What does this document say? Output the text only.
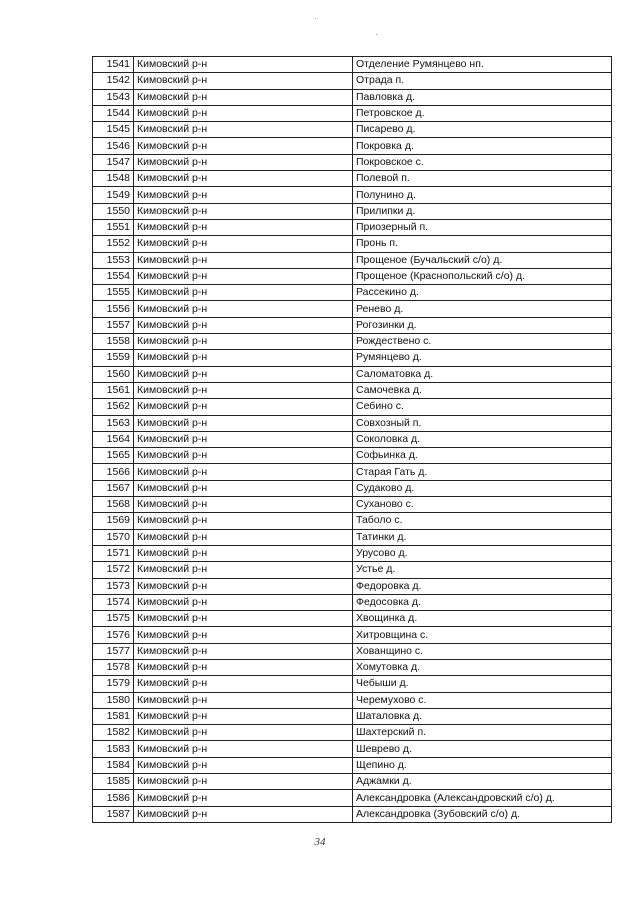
1541	Кимовский р-н	Отделение Румянцево нп.
1542	Кимовский р-н	Отрада п.
1543	Кимовский р-н	Павловка д.
1544	Кимовский р-н	Петровское д.
1545	Кимовский р-н	Писарево д.
1546	Кимовский р-н	Покровка д.
1547	Кимовский р-н	Покровское с.
1548	Кимовский р-н	Полевой п.
1549	Кимовский р-н	Полунино д.
1550	Кимовский р-н	Прилипки д.
1551	Кимовский р-н	Приозерный п.
1552	Кимовский р-н	Пронь п.
1553	Кимовский р-н	Прощеное (Бучальский с/о) д.
1554	Кимовский р-н	Прощеное (Краснопольский с/о) д.
1555	Кимовский р-н	Рассекино д.
1556	Кимовский р-н	Ренево д.
1557	Кимовский р-н	Рогозинки д.
1558	Кимовский р-н	Рождествено с.
1559	Кимовский р-н	Румянцево д.
1560	Кимовский р-н	Саломатовка д.
1561	Кимовский р-н	Самочевка д.
1562	Кимовский р-н	Себино с.
1563	Кимовский р-н	Совхозный п.
1564	Кимовский р-н	Соколовка д.
1565	Кимовский р-н	Софьинка д.
1566	Кимовский р-н	Старая Гать д.
1567	Кимовский р-н	Судаково д.
1568	Кимовский р-н	Суханово с.
1569	Кимовский р-н	Таболо с.
1570	Кимовский р-н	Татинки д.
1571	Кимовский р-н	Урусово д.
1572	Кимовский р-н	Устье д.
1573	Кимовский р-н	Федоровка д.
1574	Кимовский р-н	Федосовка д.
1575	Кимовский р-н	Хвощинка д.
1576	Кимовский р-н	Хитровщина с.
1577	Кимовский р-н	Хованщино с.
1578	Кимовский р-н	Хомутовка д.
1579	Кимовский р-н	Чебыши д.
1580	Кимовский р-н	Черемухово с.
1581	Кимовский р-н	Шаталовка д.
1582	Кимовский р-н	Шахтерский п.
1583	Кимовский р-н	Шеврево д.
1584	Кимовский р-н	Щепино д.
1585	Кимовский р-н	Аджамки д.
1586	Кимовский р-н	Александровка (Александровский с/о) д.
1587	Кимовский р-н	Александровка (Зубовский с/о) д.
34
